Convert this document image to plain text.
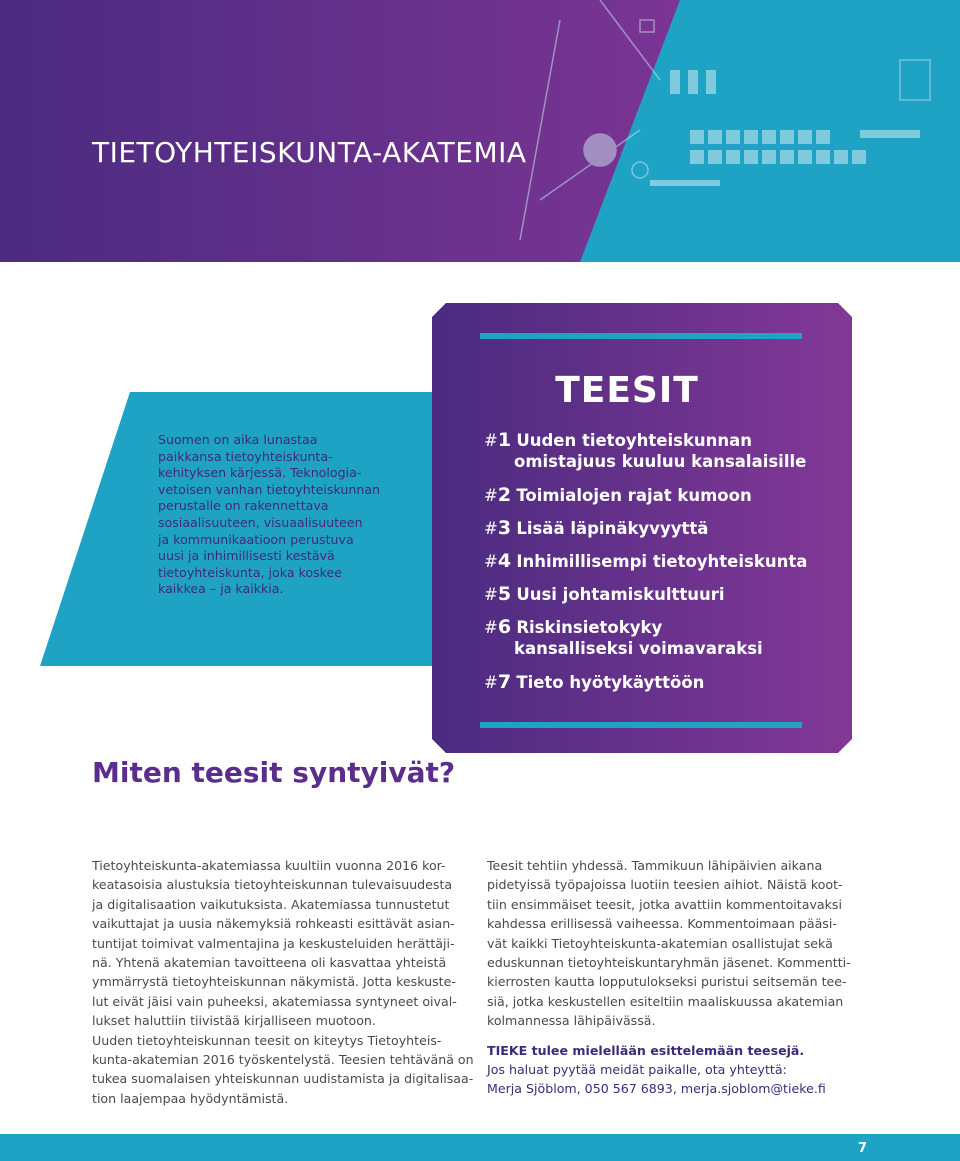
TIETOYHTEISKUNTA-AKATEMIA
Suomen on aika lunastaa
paikkansa tietoyhteiskunta-
kehityksen kärjessä. Teknologia-
vetoisen vanhan tietoyhteiskunnan
perustalle on rakennettava
sosiaalisuuteen, visuaalisuuteen
ja kommunikaatioon perustuva
uusi ja inhimillisesti kestävä
tietoyhteiskunta, joka koskee
kaikkea – ja kaikkia.
TEESIT
#1 Uuden tietoyhteiskunnan
omistajuus kuuluu kansalaisille
#2 Toimialojen rajat kumoon
#3 Lisää läpinäkyvyyttä
#4 Inhimillisempi tietoyhteiskunta
#5 Uusi johtamiskulttuuri
#6 Riskinsietokyky
kansalliseksi voimavaraksi
#7 Tieto hyötykäyttöön
Miten teesit syntyivät?
Tietoyhteiskunta-akatemiassa kuultiin vuonna 2016 kor-
keatasoisia alustuksia tietoyhteiskunnan tulevaisuudesta
ja digitalisaation vaikutuksista. Akatemiassa tunnustetut
vaikuttajat ja uusia näkemyksiä rohkeasti esittävät asian-
tuntijat toimivat valmentajina ja keskusteluiden herättäji-
nä. Yhtenä akatemian tavoitteena oli kasvattaa yhteistä
ymmärrystä tietoyhteiskunnan näkymistä. Jotta keskuste-
lut eivät jäisi vain puheeksi, akatemiassa syntyneet oival-
lukset haluttiin tiivistää kirjalliseen muotoon.
Uuden tietoyhteiskunnan teesit on kiteytys Tietoyhteis-
kunta-akatemian 2016 työskentelystä. Teesien tehtävänä on
tukea suomalaisen yhteiskunnan uudistamista ja digitalisaa-
tion laajempaa hyödyntämistä.
Teesit tehtiin yhdessä. Tammikuun lähipäivien aikana
pidetyissä työpajoissa luotiin teesien aihiot. Näistä koot-
tiin ensimmäiset teesit, jotka avattiin kommentoitavaksi
kahdessa erillisessä vaiheessa. Kommentoimaan pääsi-
vät kaikki Tietoyhteiskunta-akatemian osallistujat sekä
eduskunnan tietoyhteiskuntaryhmän jäsenet. Kommentti-
kierrosten kautta lopputulokseksi puristui seitsemän tee-
siä, jotka keskustellen esiteltiin maaliskuussa akatemian
kolmannessa lähipäivässä.
TIEKE tulee mielellään esittelemään teesejä.
Jos haluat pyytää meidät paikalle, ota yhteyttä:
Merja Sjöblom, 050 567 6893, merja.sjoblom@tieke.fi
7
